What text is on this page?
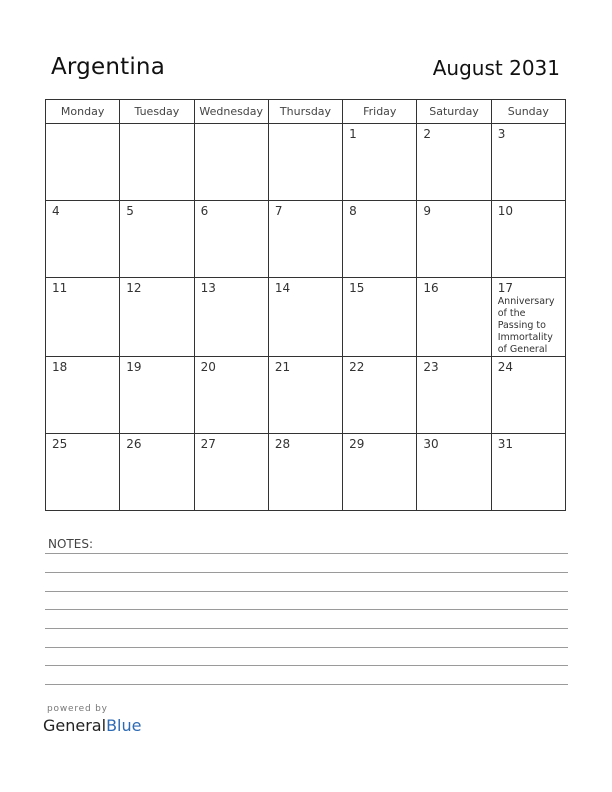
Argentina	August 2031
Monday	Tuesday	Wednesday	Thursday	Friday	Saturday	Sunday

				1	2	3

4	5	6	7	8	9	10

11	12	13	14	15	16	17
Anniversary of the Passing to Immortality of General

18	19	20	21	22	23	24

25	26	27	28	29	30	31
NOTES:
powered by
GeneralBlue
